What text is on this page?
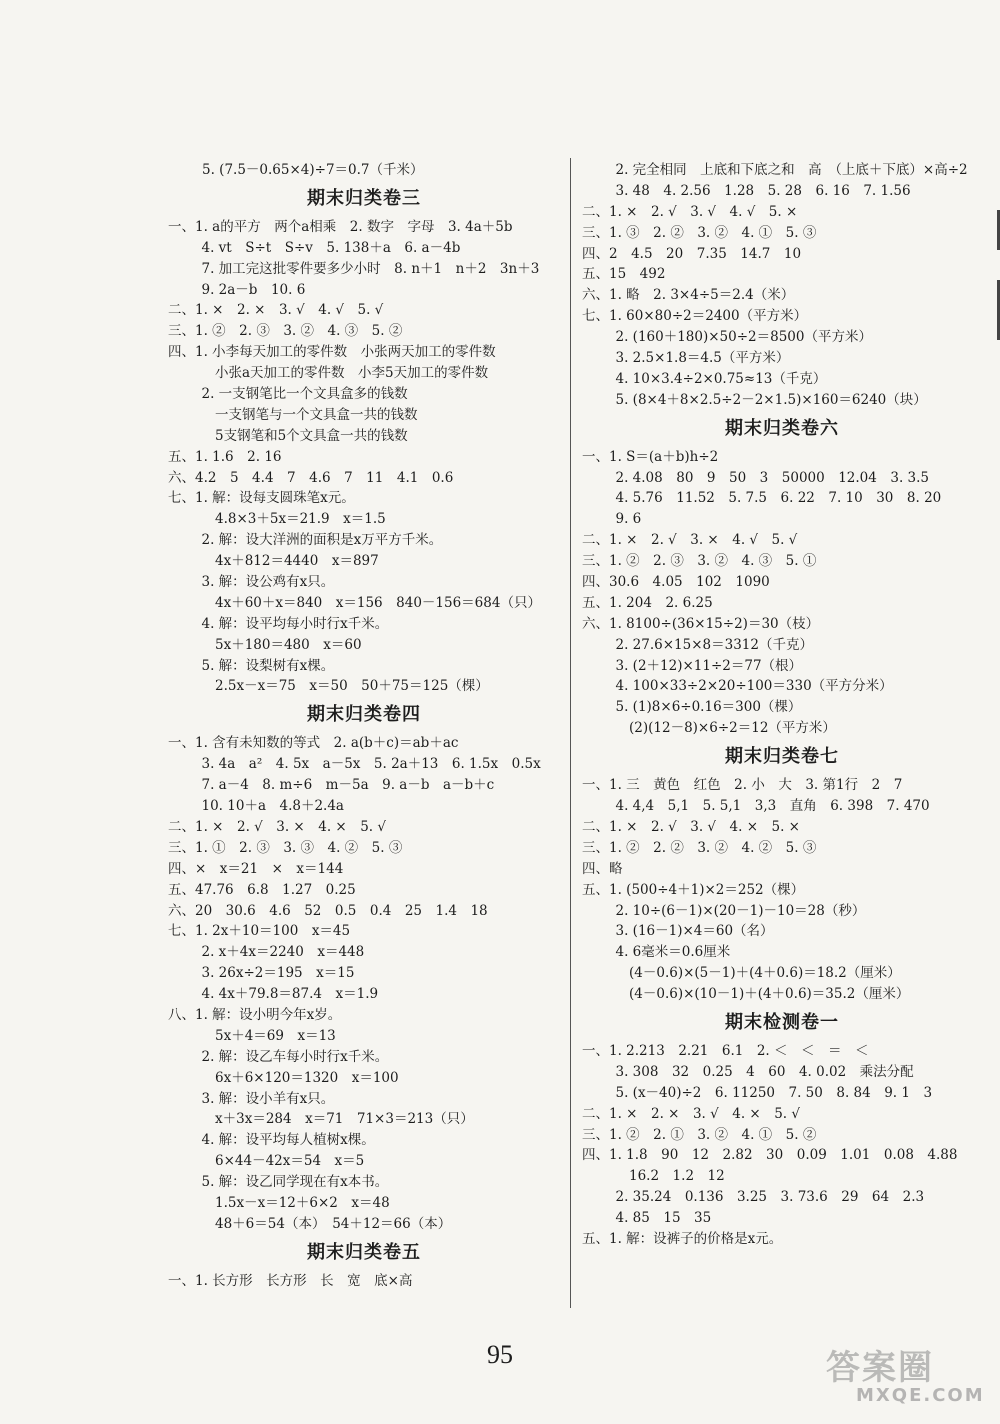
5. (7.5－0.65×4)÷7＝0.7（千米）
期末归类卷三
一、1. a的平方　两个a相乘　2. 数字　字母　3. 4a＋5b
　4. vt　S÷t　S÷v　5. 138＋a　6. a－4b
　7. 加工完这批零件要多少小时　8. n＋1　n＋2　3n＋3
　9. 2a－b　10. 6
二、1. ×　2. ×　3. √　4. √　5. √
三、1. ②　2. ③　3. ②　4. ③　5. ②
四、1. 小李每天加工的零件数　小张两天加工的零件数
　　小张a天加工的零件数　小李5天加工的零件数
　2. 一支钢笔比一个文具盒多的钱数
　　一支钢笔与一个文具盒一共的钱数
　　5支钢笔和5个文具盒一共的钱数
五、1. 1.6　2. 16
六、4.2　5　4.4　7　4.6　7　11　4.1　0.6
七、1. 解：设每支圆珠笔x元。
　　4.8×3＋5x＝21.9　x＝1.5
　2. 解：设大洋洲的面积是x万平方千米。
　　4x＋812＝4440　x＝897
　3. 解：设公鸡有x只。
　　4x＋60＋x＝840　x＝156　840－156＝684（只）
　4. 解：设平均每小时行x千米。
　　5x＋180＝480　x＝60
　5. 解：设梨树有x棵。
　　2.5x－x＝75　x＝50　50＋75＝125（棵）
期末归类卷四
一、1. 含有未知数的等式　2. a(b＋c)＝ab＋ac
　3. 4a　a²　4. 5x　a－5x　5. 2a＋13　6. 1.5x　0.5x
　7. a－4　8. m÷6　m－5a　9. a－b　a－b＋c
　10. 10＋a　4.8＋2.4a
二、1. ×　2. √　3. ×　4. ×　5. √
三、1. ①　2. ③　3. ③　4. ②　5. ③
四、×　x＝21　×　x＝144
五、47.76　6.8　1.27　0.25
六、20　30.6　4.6　52　0.5　0.4　25　1.4　18
七、1. 2x＋10＝100　x＝45
　2. x＋4x＝2240　x＝448
　3. 26x÷2＝195　x＝15
　4. 4x＋79.8＝87.4　x＝1.9
八、1. 解：设小明今年x岁。
　　5x＋4＝69　x＝13
　2. 解：设乙车每小时行x千米。
　　6x＋6×120＝1320　x＝100
　3. 解：设小羊有x只。
　　x＋3x＝284　x＝71　71×3＝213（只）
　4. 解：设平均每人植树x棵。
　　6×44－42x＝54　x＝5
　5. 解：设乙同学现在有x本书。
　　1.5x－x＝12＋6×2　x＝48
　　48＋6＝54（本）　54＋12＝66（本）
期末归类卷五
一、1. 长方形　长方形　长　宽　底×高
　2. 完全相同　上底和下底之和　高　（上底＋下底）×高÷2
　3. 48　4. 2.56　1.28　5. 28　6. 16　7. 1.56
二、1. ×　2. √　3. √　4. √　5. ×
三、1. ③　2. ②　3. ②　4. ①　5. ③
四、2　4.5　20　7.35　14.7　10
五、15　492
六、1. 略　2. 3×4÷5＝2.4（米）
七、1. 60×80÷2＝2400（平方米）
　2. (160＋180)×50÷2＝8500（平方米）
　3. 2.5×1.8＝4.5（平方米）
　4. 10×3.4÷2×0.75≈13（千克）
　5. (8×4＋8×2.5÷2－2×1.5)×160＝6240（块）
期末归类卷六
一、1. S＝(a＋b)h÷2
　2. 4.08　80　9　50　3　50000　12.04　3. 3.5
　4. 5.76　11.52　5. 7.5　6. 22　7. 10　30　8. 20
　9. 6
二、1. ×　2. √　3. ×　4. √　5. √
三、1. ②　2. ③　3. ②　4. ③　5. ①
四、30.6　4.05　102　1090
五、1. 204　2. 6.25
六、1. 8100÷(36×15÷2)＝30（枝）
　2. 27.6×15×8＝3312（千克）
　3. (2＋12)×11÷2＝77（根）
　4. 100×33÷2×20÷100＝330（平方分米）
　5. (1)8×6÷0.16＝300（棵）
　　(2)(12－8)×6÷2＝12（平方米）
期末归类卷七
一、1. 三　黄色　红色　2. 小　大　3. 第1行　2　7
　4. 4,4　5,1　5. 5,1　3,3　直角　6. 398　7. 470
二、1. ×　2. √　3. √　4. ×　5. ×
三、1. ②　2. ②　3. ②　4. ②　5. ③
四、略
五、1. (500÷4＋1)×2＝252（棵）
　2. 10÷(6－1)×(20－1)－10＝28（秒）
　3. (16－1)×4＝60（名）
　4. 6毫米＝0.6厘米
　　(4－0.6)×(5－1)＋(4＋0.6)＝18.2（厘米）
　　(4－0.6)×(10－1)＋(4＋0.6)＝35.2（厘米）
期末检测卷一
一、1. 2.213　2.21　6.1　2. ＜　＜　＝　＜
　3. 308　32　0.25　4　60　4. 0.02　乘法分配
　5. (x－40)÷2　6. 11250　7. 50　8. 84　9. 1　3
二、1. ×　2. ×　3. √　4. ×　5. √
三、1. ②　2. ①　3. ②　4. ①　5. ②
四、1. 1.8　90　12　2.82　30　0.09　1.01　0.08　4.88
　　16.2　1.2　12
　2. 35.24　0.136　3.25　3. 73.6　29　64　2.3
　4. 85　15　35
五、1. 解：设裤子的价格是x元。
95	答案圈
MXQE.COM
